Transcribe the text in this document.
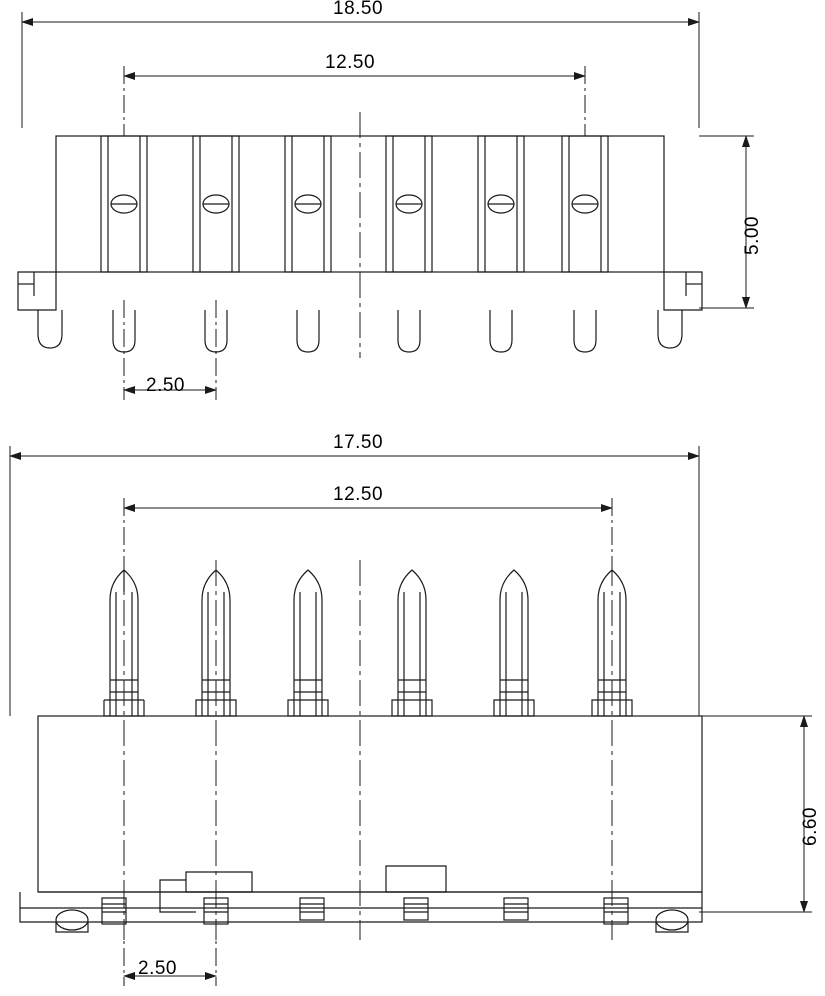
18.50
12.50
5.00
2.50
17.50
12.50
6.60
2.50
